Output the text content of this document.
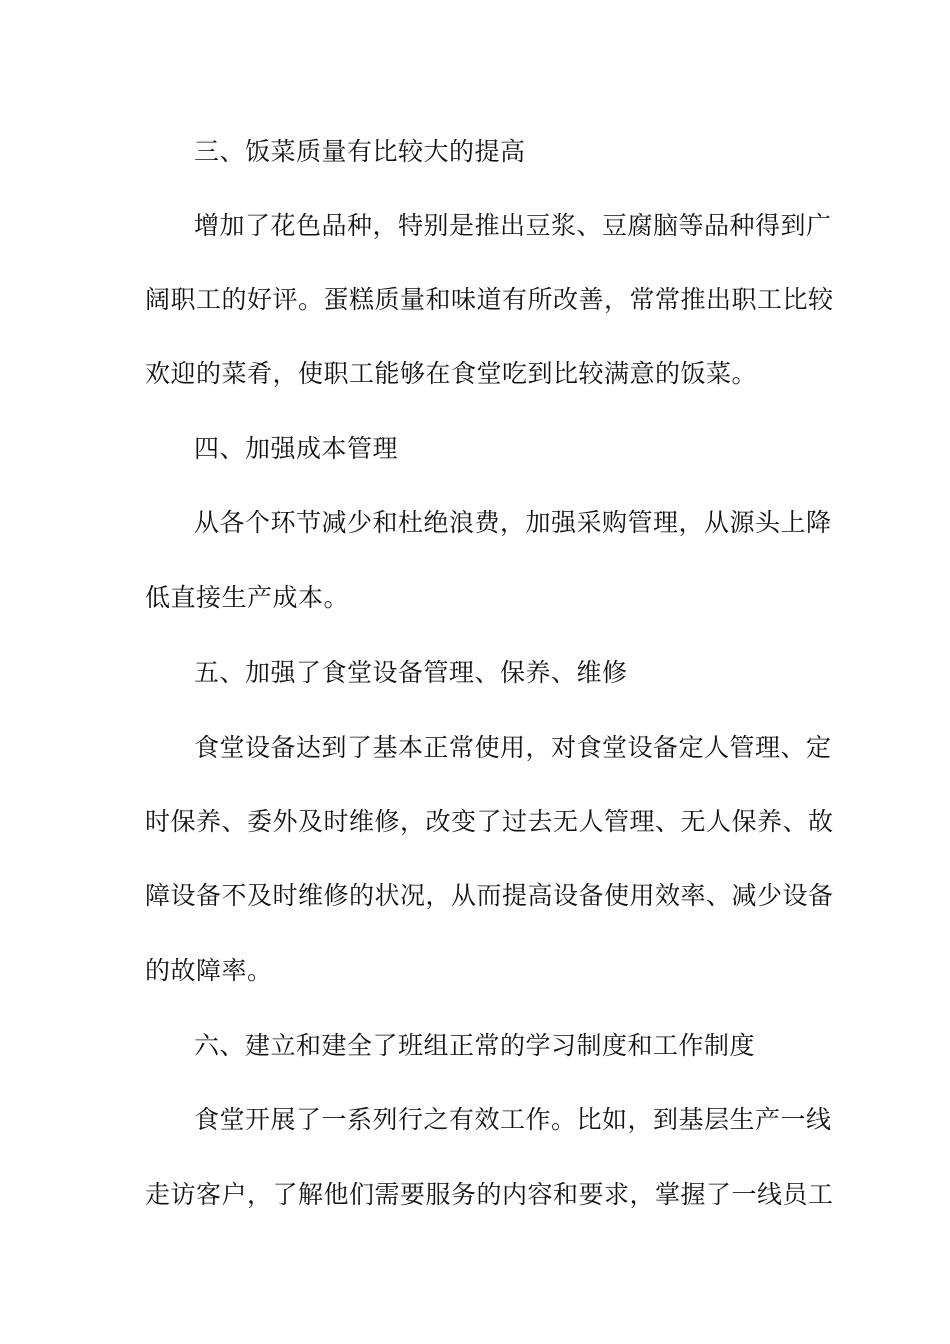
三、饭菜质量有比较大的提高
增加了花色品种，特别是推出豆浆、豆腐脑等品种得到广
阔职工的好评。蛋糕质量和味道有所改善，常常推出职工比较
欢迎的菜肴，使职工能够在食堂吃到比较满意的饭菜。
四、加强成本管理
从各个环节减少和杜绝浪费，加强采购管理，从源头上降
低直接生产成本。
五、加强了食堂设备管理、保养、维修
食堂设备达到了基本正常使用，对食堂设备定人管理、定
时保养、委外及时维修，改变了过去无人管理、无人保养、故
障设备不及时维修的状况，从而提高设备使用效率、减少设备
的故障率。
六、建立和建全了班组正常的学习制度和工作制度
食堂开展了一系列行之有效工作。比如，到基层生产一线
走访客户，了解他们需要服务的内容和要求，掌握了一线员工
